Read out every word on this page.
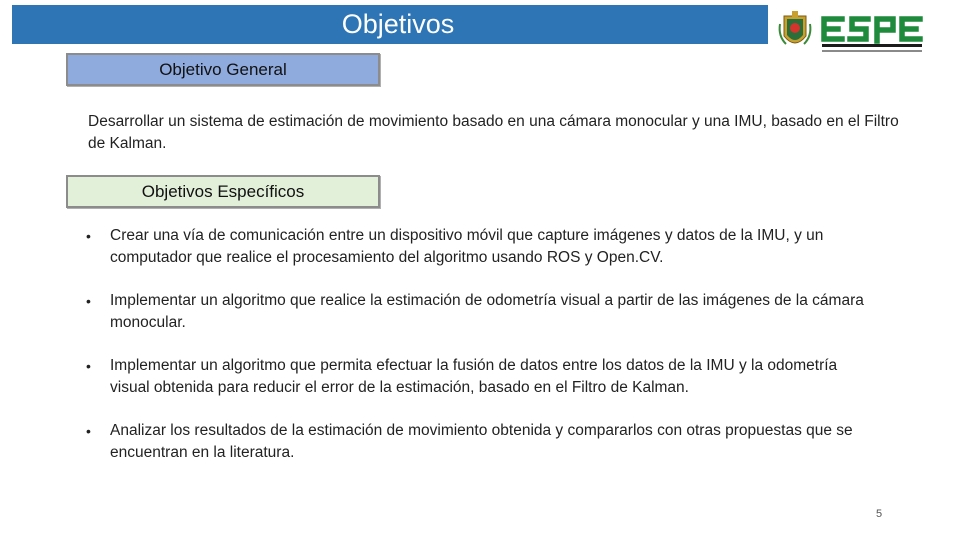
Objetivos
Objetivo General
Desarrollar un sistema de estimación de movimiento basado en una cámara monocular y una IMU, basado en el Filtro de Kalman.
Objetivos Específicos
• Crear una vía de comunicación entre un dispositivo móvil que capture imágenes y datos de la IMU, y un computador que realice el procesamiento del algoritmo usando ROS y Open.CV.
• Implementar un algoritmo que realice la estimación de odometría visual a partir de las imágenes de la cámara monocular.
• Implementar un algoritmo que permita efectuar la fusión de datos entre los datos de la IMU y la odometría visual obtenida para reducir el error de la estimación, basado en el Filtro de Kalman.
• Analizar los resultados de la estimación de movimiento obtenida y compararlos con otras propuestas que se encuentran en la literatura.
5
